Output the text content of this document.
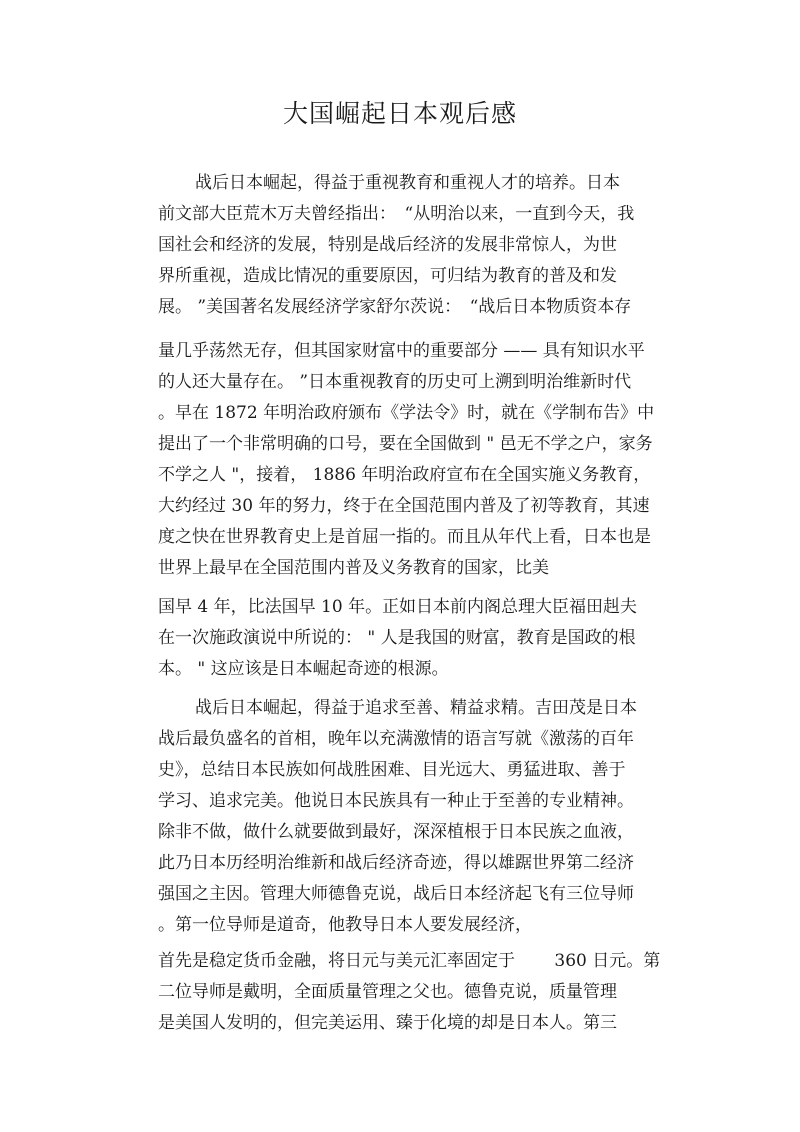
大国崛起日本观后感

战后日本崛起，得益于重视教育和重视人才的培养。日本

前文部大臣荒木万夫曾经指出：　“从明治以来，一直到今天，我

国社会和经济的发展，特别是战后经济的发展非常惊人，为世

界所重视，造成比情况的重要原因，可归结为教育的普及和发

展。 ”美国著名发展经济学家舒尔茨说：　“战后日本物质资本存

量几乎荡然无存，但其国家财富中的重要部分 —— 具有知识水平

的人还大量存在。 ”日本重视教育的历史可上溯到明治维新时代

。早在 1872 年明治政府颁布《学法令》时，就在《学制布告》中

提出了一个非常明确的口号，要在全国做到 " 邑无不学之户，家务

不学之人 "，接着， 1886 年明治政府宣布在全国实施义务教育，

大约经过 30 年的努力，终于在全国范围内普及了初等教育，其速

度之快在世界教育史上是首屈一指的。而且从年代上看，日本也是

世界上最早在全国范围内普及义务教育的国家，比美

国早 4 年，比法国早 10 年。正如日本前内阁总理大臣福田赳夫

在一次施政演说中所说的： " 人是我国的财富，教育是国政的根

本。 " 这应该是日本崛起奇迹的根源。

战后日本崛起，得益于追求至善、精益求精。吉田茂是日本

战后最负盛名的首相，晚年以充满激情的语言写就《激荡的百年

史》，总结日本民族如何战胜困难、目光远大、勇猛进取、善于

学习、追求完美。他说日本民族具有一种止于至善的专业精神。

除非不做，做什么就要做到最好，深深植根于日本民族之血液，

此乃日本历经明治维新和战后经济奇迹，得以雄踞世界第二经济

强国之主因。管理大师德鲁克说，战后日本经济起飞有三位导师

。第一位导师是道奇，他教导日本人要发展经济，

首先是稳定货币金融，将日元与美元汇率固定于　　 360 日元。第

二位导师是戴明，全面质量管理之父也。德鲁克说，质量管理

是美国人发明的，但完美运用、臻于化境的却是日本人。第三
